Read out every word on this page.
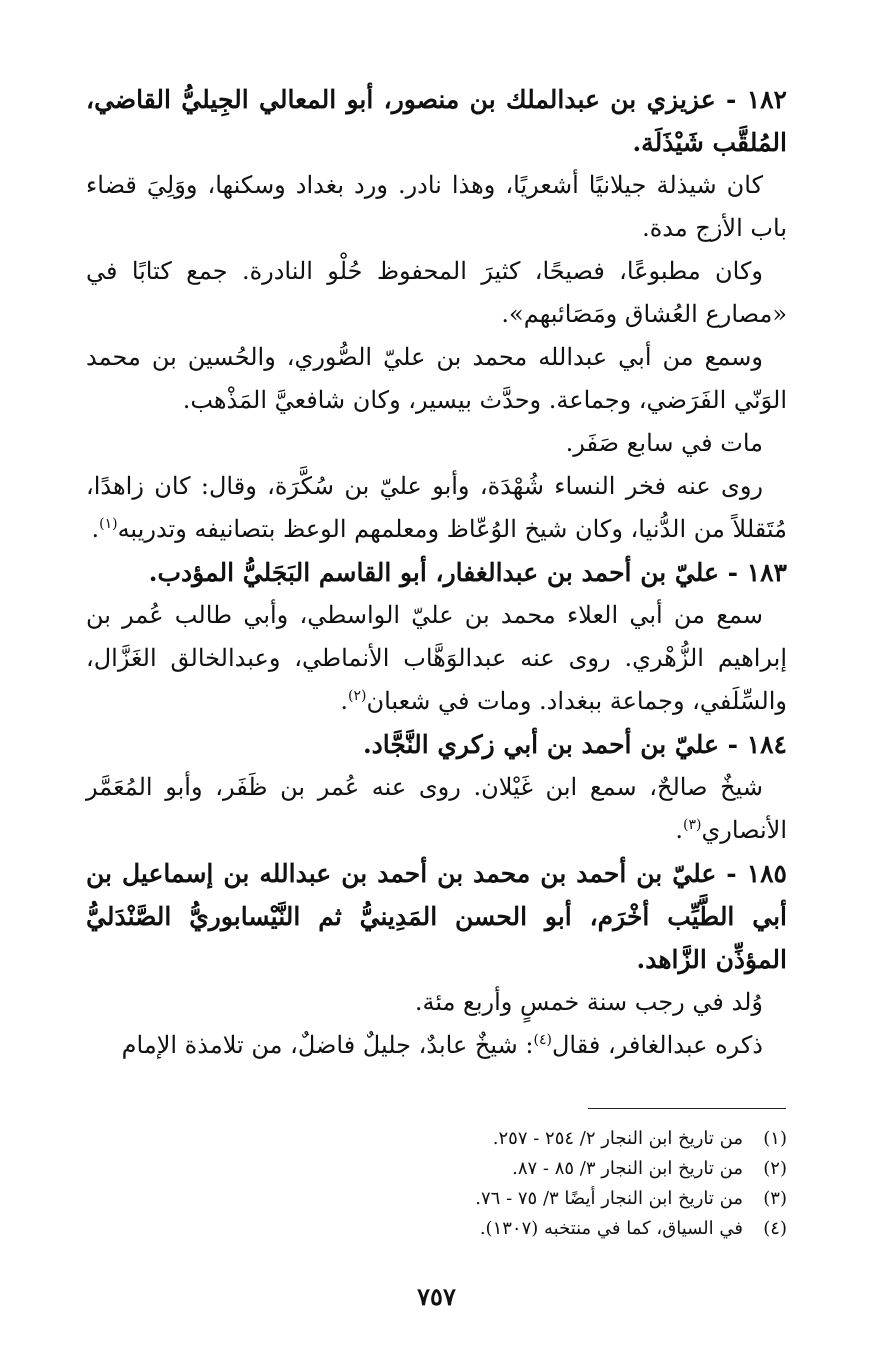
١٨٢ - عزيزي بن عبدالملك بن منصور، أبو المعالي الجِيليُّ القاضي، المُلقَّب شَيْذَلَة.

كان شيذلة جيلانيًا أشعريًا، وهذا نادر. ورد بغداد وسكنها، ووَلِيَ قضاء باب الأزج مدة.

وكان مطبوعًا، فصيحًا، كثيرَ المحفوظ حُلْو النادرة. جمع كتابًا في «مصارع العُشاق ومَصَائبهم».

وسمع من أبي عبدالله محمد بن عليّ الصُّوري، والحُسين بن محمد الوَنّي الفَرَضي، وجماعة. وحدَّث بيسير، وكان شافعيَّ المَذْهب.

مات في سابع صَفَر.

روى عنه فخر النساء شُهْدَة، وأبو عليّ بن سُكَّرَة، وقال: كان زاهدًا، مُتَقللاً من الدُّنيا، وكان شيخ الوُعّاظ ومعلمهم الوعظ بتصانيفه وتدريبه$^{(١)}$.

١٨٣ - عليّ بن أحمد بن عبدالغفار، أبو القاسم البَجَليُّ المؤدب.

سمع من أبي العلاء محمد بن عليّ الواسطي، وأبي طالب عُمر بن إبراهيم الزُّهْري. روى عنه عبدالوَهَّاب الأنماطي، وعبدالخالق الغَزَّال، والسِّلَفي، وجماعة ببغداد. ومات في شعبان$^{(٢)}$.

١٨٤ - عليّ بن أحمد بن أبي زكري النَّجَّاد.

شيخٌ صالحٌ، سمع ابن غَيْلان. روى عنه عُمر بن ظَفَر، وأبو المُعَمَّر الأنصاري$^{(٣)}$.

١٨٥ - عليّ بن أحمد بن محمد بن أحمد بن عبدالله بن إسماعيل بن أبي الطَّيِّب أخْرَم، أبو الحسن المَدِينيُّ ثم النَّيْسابوريُّ الصَّنْدَليُّ المؤذِّن الزَّاهد.

وُلد في رجب سنة خمسٍ وأربع مئة.

ذكره عبدالغافر، فقال$^{(٤)}$: شيخٌ عابدٌ، جليلٌ فاضلٌ، من تلامذة الإمام

(١)
من تاريخ ابن النجار ٢/ ٢٥٤ - ٢٥٧.
(٢)
من تاريخ ابن النجار ٣/ ٨٥ - ٨٧.
(٣)
من تاريخ ابن النجار أيضًا ٣/ ٧٥ - ٧٦.
(٤)
في السياق، كما في منتخبه (١٣٠٧).
٧٥٧
